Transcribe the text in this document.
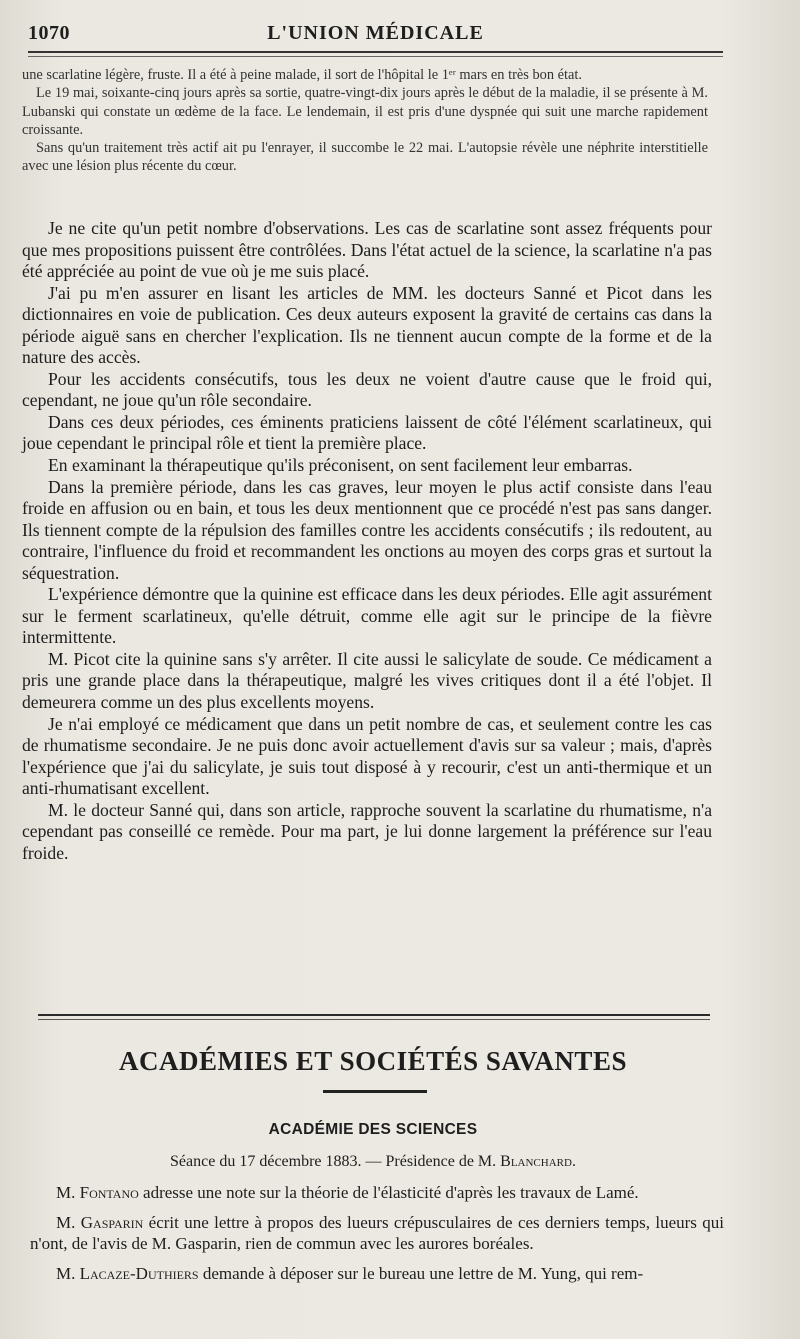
1070	L'UNION MÉDICALE

une scarlatine légère, fruste. Il a été à peine malade, il sort de l'hôpital le 1ᵉʳ mars en très bon état.

Le 19 mai, soixante-cinq jours après sa sortie, quatre-vingt-dix jours après le début de la maladie, il se présente à M. Lubanski qui constate un œdème de la face. Le lendemain, il est pris d'une dyspnée qui suit une marche rapidement croissante.

Sans qu'un traitement très actif ait pu l'enrayer, il succombe le 22 mai. L'autopsie révèle une néphrite interstitielle avec une lésion plus récente du cœur.

Je ne cite qu'un petit nombre d'observations. Les cas de scarlatine sont assez fréquents pour que mes propositions puissent être contrôlées. Dans l'état actuel de la science, la scarlatine n'a pas été appréciée au point de vue où je me suis placé.

J'ai pu m'en assurer en lisant les articles de MM. les docteurs Sanné et Picot dans les dictionnaires en voie de publication. Ces deux auteurs exposent la gravité de certains cas dans la période aiguë sans en chercher l'explication. Ils ne tiennent aucun compte de la forme et de la nature des accès.

Pour les accidents consécutifs, tous les deux ne voient d'autre cause que le froid qui, cependant, ne joue qu'un rôle secondaire.

Dans ces deux périodes, ces éminents praticiens laissent de côté l'élément scarlatineux, qui joue cependant le principal rôle et tient la première place.

En examinant la thérapeutique qu'ils préconisent, on sent facilement leur embarras.

Dans la première période, dans les cas graves, leur moyen le plus actif consiste dans l'eau froide en affusion ou en bain, et tous les deux mentionnent que ce procédé n'est pas sans danger. Ils tiennent compte de la répulsion des familles contre les accidents consécutifs ; ils redoutent, au contraire, l'influence du froid et recommandent les onctions au moyen des corps gras et surtout la séquestration.

L'expérience démontre que la quinine est efficace dans les deux périodes. Elle agit assurément sur le ferment scarlatineux, qu'elle détruit, comme elle agit sur le principe de la fièvre intermittente.

M. Picot cite la quinine sans s'y arrêter. Il cite aussi le salicylate de soude. Ce médicament a pris une grande place dans la thérapeutique, malgré les vives critiques dont il a été l'objet. Il demeurera comme un des plus excellents moyens.

Je n'ai employé ce médicament que dans un petit nombre de cas, et seulement contre les cas de rhumatisme secondaire. Je ne puis donc avoir actuellement d'avis sur sa valeur ; mais, d'après l'expérience que j'ai du salicylate, je suis tout disposé à y recourir, c'est un anti-thermique et un anti-rhumatisant excellent.

M. le docteur Sanné qui, dans son article, rapproche souvent la scarlatine du rhumatisme, n'a cependant pas conseillé ce remède. Pour ma part, je lui donne largement la préférence sur l'eau froide.

ACADÉMIES ET SOCIÉTÉS SAVANTES
ACADÉMIE DES SCIENCES
Séance du 17 décembre 1883. — Présidence de M. Blanchard.

M. Fontano adresse une note sur la théorie de l'élasticité d'après les travaux de Lamé.

M. Gasparin écrit une lettre à propos des lueurs crépusculaires de ces derniers temps, lueurs qui n'ont, de l'avis de M. Gasparin, rien de commun avec les aurores boréales.

M. Lacaze-Duthiers demande à déposer sur le bureau une lettre de M. Yung, qui rem-
